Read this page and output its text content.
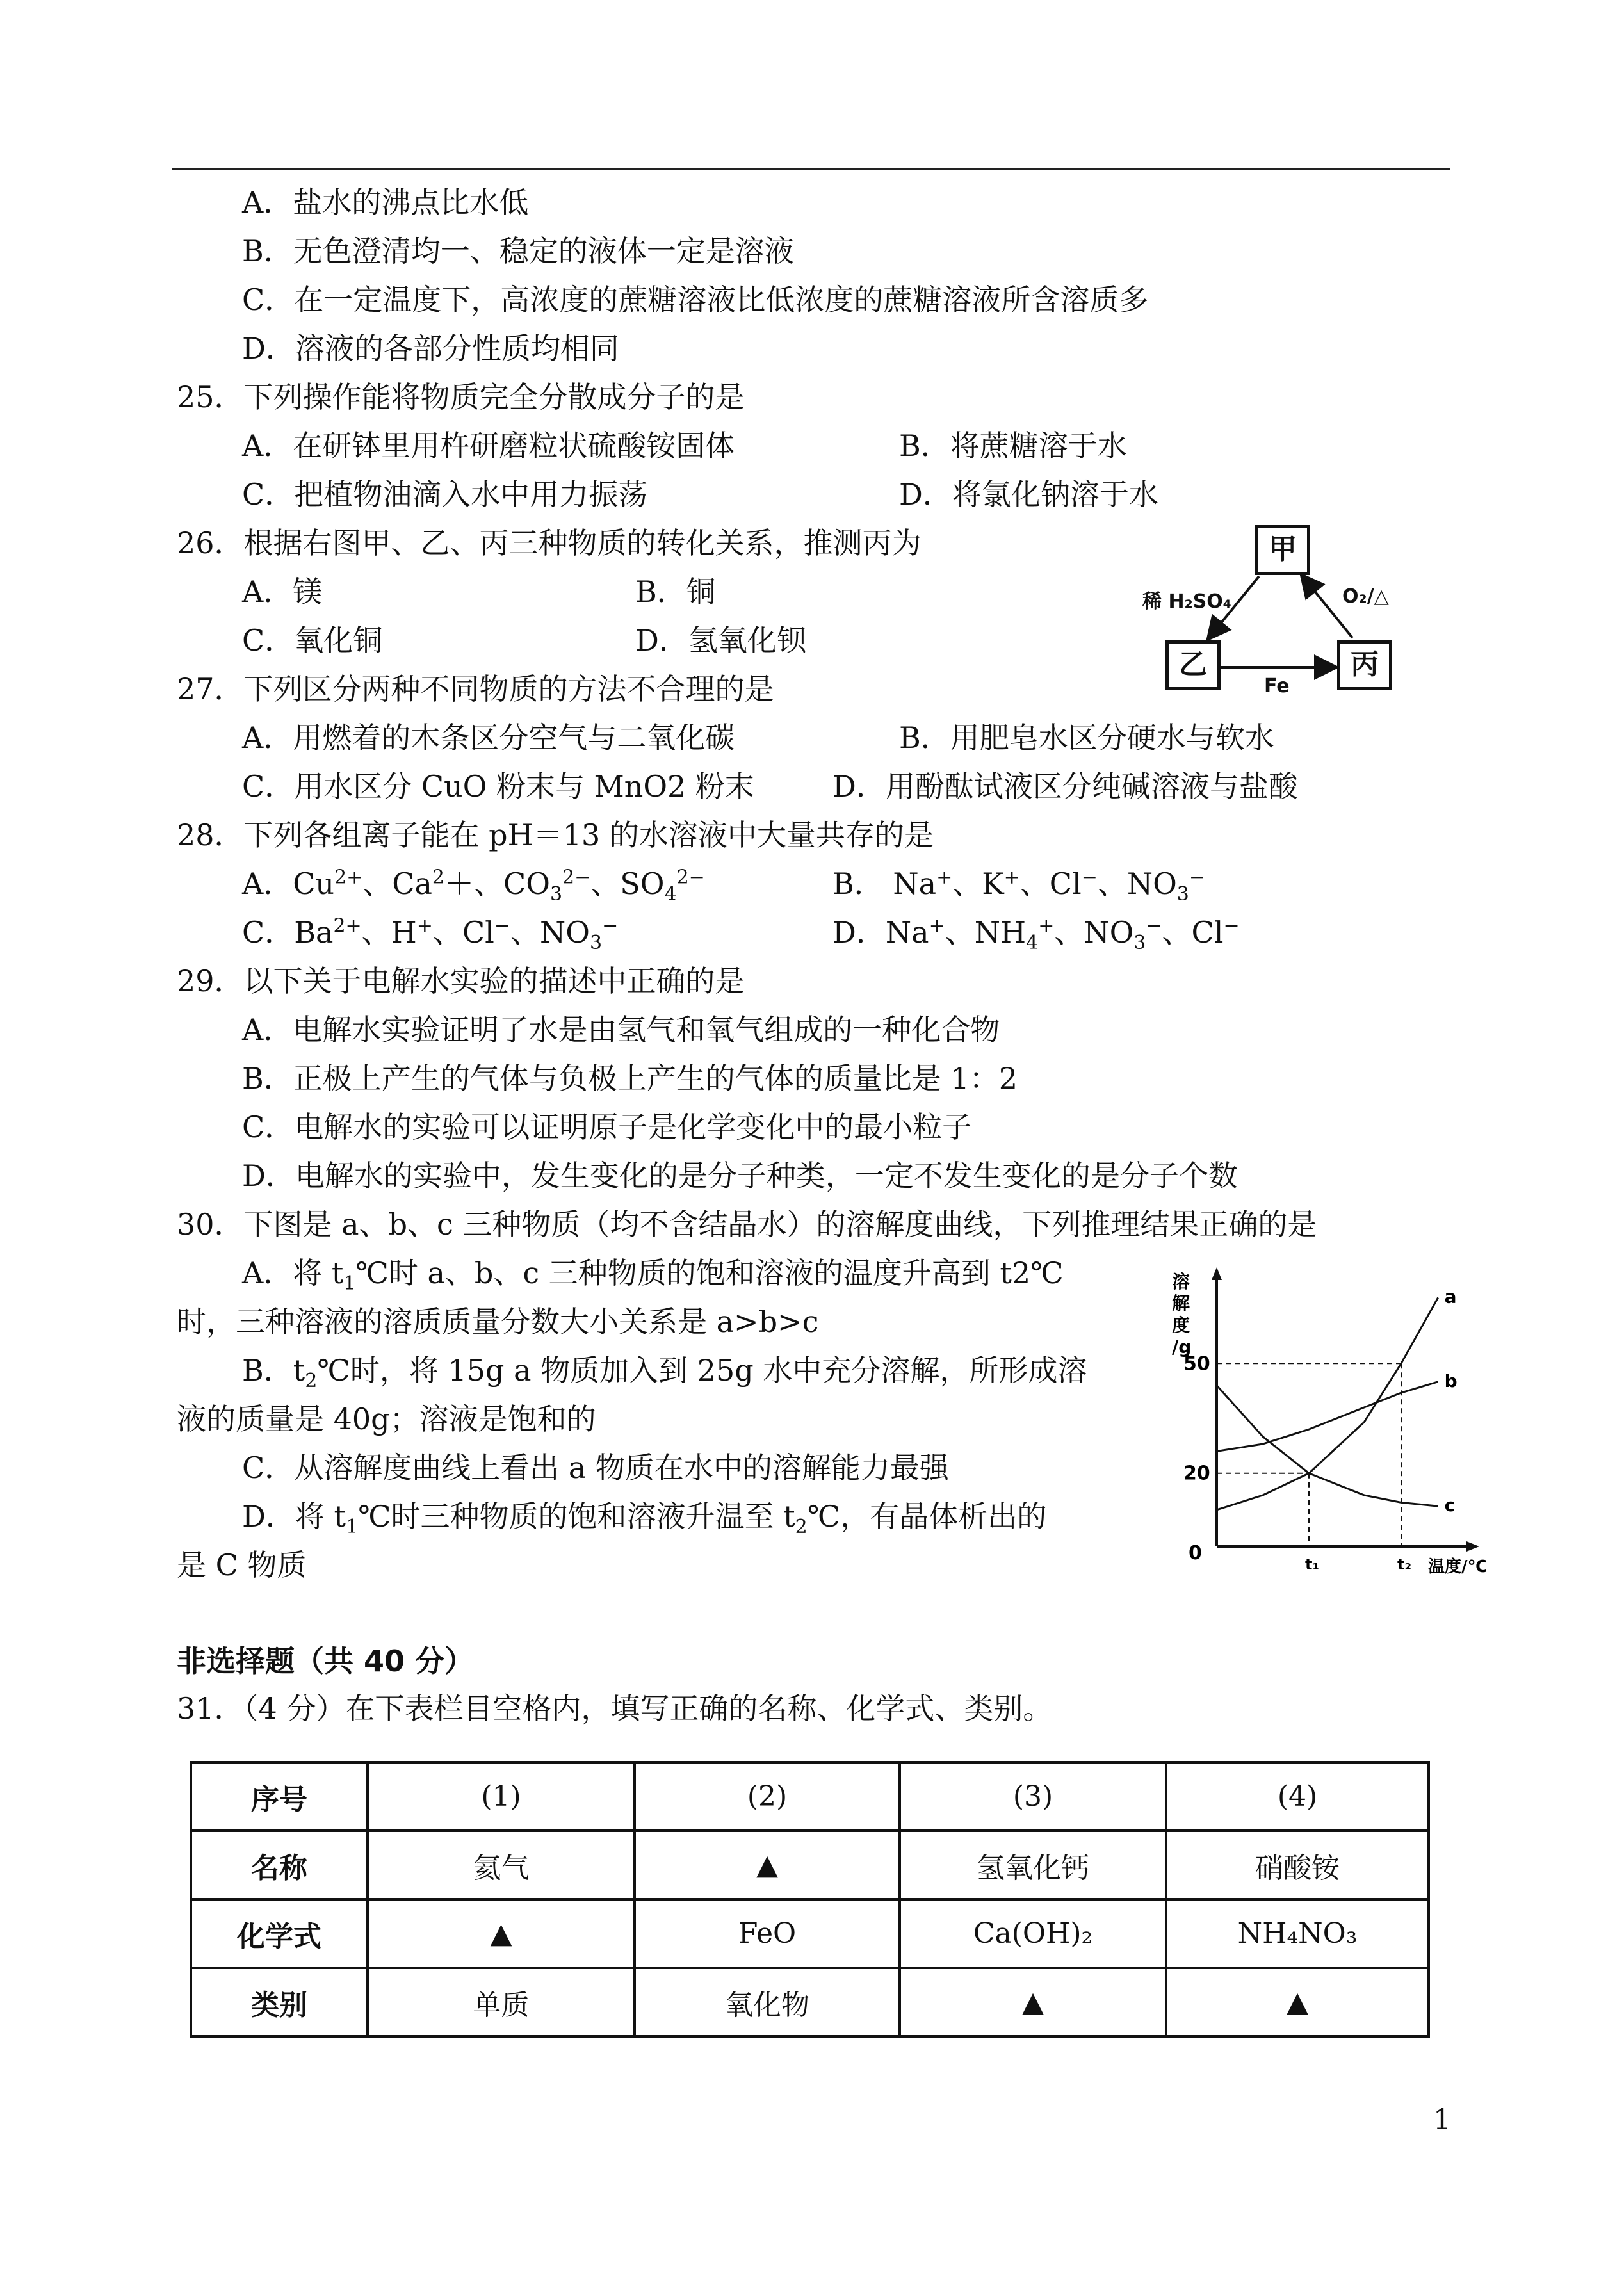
A．盐水的沸点比水低
B．无色澄清均一、稳定的液体一定是溶液
C．在一定温度下，高浓度的蔗糖溶液比低浓度的蔗糖溶液所含溶质多
D．溶液的各部分性质均相同
25．下列操作能将物质完全分散成分子的是
A．在研钵里用杵研磨粒状硫酸铵固体	B．将蔗糖溶于水
C．把植物油滴入水中用力振荡	D．将氯化钠溶于水
26．根据右图甲、乙、丙三种物质的转化关系，推测丙为
A．镁	B．铜
C．氧化铜	D．氢氧化钡
甲
乙	丙
稀 H₂SO₄	O₂/△
Fe
27．下列区分两种不同物质的方法不合理的是
A．用燃着的木条区分空气与二氧化碳	B．用肥皂水区分硬水与软水
C．用水区分 CuO 粉末与 MnO2 粉末	D．用酚酞试液区分纯碱溶液与盐酸
28．下列各组离子能在 pH＝13 的水溶液中大量共存的是
A．$Cu^{2+}$、$Ca^2+$、$CO_3^{2-}$、$SO_4^{2-}$	B． Na+、K+、Cl−、$NO_3^-$
C．$Ba^{2+}$、H+、Cl−、$NO_3^-$	D．Na+、$NH_4^+$、$NO_3^-$、Cl−
29．以下关于电解水实验的描述中正确的是
A．电解水实验证明了水是由氢气和氧气组成的一种化合物
B．正极上产生的气体与负极上产生的气体的质量比是 1：2
C．电解水的实验可以证明原子是化学变化中的最小粒子
D．电解水的实验中，发生变化的是分子种类，一定不发生变化的是分子个数
30．下图是 a、b、c 三种物质（均不含结晶水）的溶解度曲线，下列推理结果正确的是
A．将 $t_1℃$时 a、b、c 三种物质的饱和溶液的温度升高到 t2℃
时，三种溶液的溶质质量分数大小关系是 a>b>c
B．$t_2℃$时，将 15g a 物质加入到 25g 水中充分溶解，所形成溶
液的质量是 40g；溶液是饱和的
C．从溶解度曲线上看出 a 物质在水中的溶解能力最强
D．将 $t_1℃$时三种物质的饱和溶液升温至 $t_2℃$，有晶体析出的
是 C 物质
溶
解
度
/g
温度/℃
0
20
50
t₁	t₂
a
b
c
非选择题（共 40 分）
31．（4 分）在下表栏目空格内，填写正确的名称、化学式、类别。
序号	(1)	(2)	(3)	(4)
名称	氦气	▲	氢氧化钙	硝酸铵
化学式	▲	FeO	Ca(OH)₂	NH₄NO₃
类别	单质	氧化物	▲	▲
1
